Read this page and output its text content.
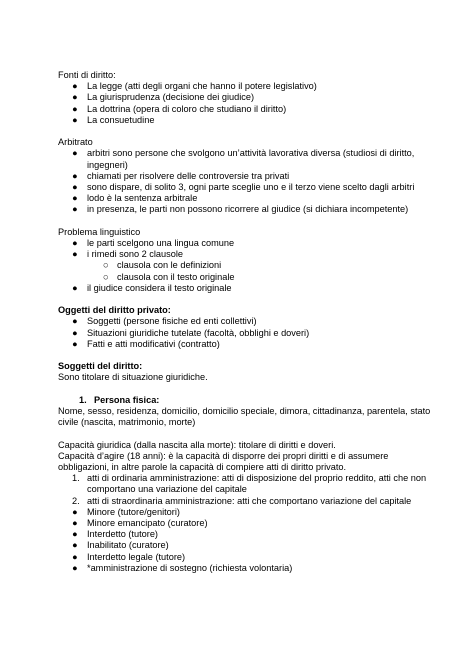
Fonti di diritto:
● La legge (atti degli organi che hanno il potere legislativo)
● La giurisprudenza (decisione dei giudice)
● La dottrina (opera di coloro che studiano il diritto)
● La consuetudine
Arbitrato
● arbitri sono persone che svolgono un’attività lavorativa diversa (studiosi di diritto,
ingegneri)
● chiamati per risolvere delle controversie tra privati
● sono dispare, di solito 3, ogni parte sceglie uno e il terzo viene scelto dagli arbitri
● lodo è la sentenza arbitrale
● in presenza, le parti non possono ricorrere al giudice (si dichiara incompetente)
Problema linguistico
● le parti scelgono una lingua comune
● i rimedi sono 2 clausole
○ clausola con le definizioni
○ clausola con il testo originale
● il giudice considera il testo originale
Oggetti del diritto privato:
● Soggetti (persone fisiche ed enti collettivi)
● Situazioni giuridiche tutelate (facoltà, obblighi e doveri)
● Fatti e atti modificativi (contratto)
Soggetti del diritto:
Sono titolare di situazione giuridiche.
1. Persona fisica:
Nome, sesso, residenza, domicilio, domicilio speciale, dimora, cittadinanza, parentela, stato
civile (nascita, matrimonio, morte)
Capacità giuridica (dalla nascita alla morte): titolare di diritti e doveri.
Capacità d’agire (18 anni): è la capacità di disporre dei propri diritti e di assumere
obbligazioni, in altre parole la capacità di compiere atti di diritto privato.
1. atti di ordinaria amministrazione: atti di disposizione del proprio reddito, atti che non
comportano una variazione del capitale
2. atti di straordinaria amministrazione: atti che comportano variazione del capitale
● Minore (tutore/genitori)
● Minore emancipato (curatore)
● Interdetto (tutore)
● Inabilitato (curatore)
● Interdetto legale (tutore)
● *amministrazione di sostegno (richiesta volontaria)
